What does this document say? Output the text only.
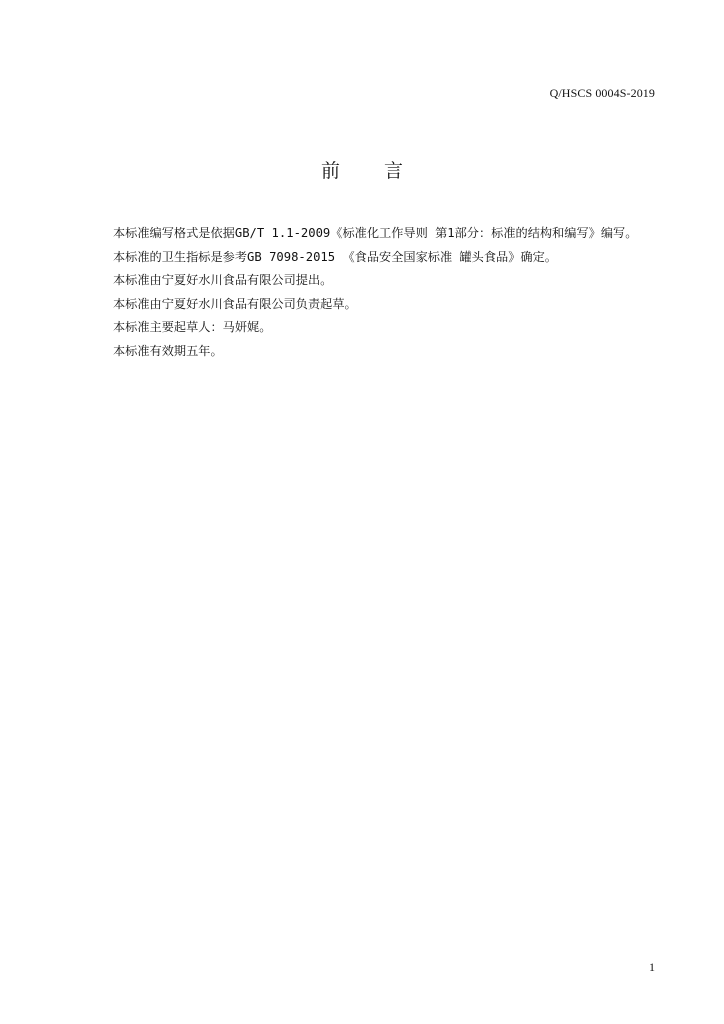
Q/HSCS 0004S-2019
前 言

本标准编写格式是依据GB/T 1.1-2009《标准化工作导则 第1部分：标准的结构和编写》编写。

本标准的卫生指标是参考GB 7098-2015 《食品安全国家标准 罐头食品》确定。

本标准由宁夏好水川食品有限公司提出。

本标准由宁夏好水川食品有限公司负责起草。

本标准主要起草人：马妍娓。

本标准有效期五年。

1
